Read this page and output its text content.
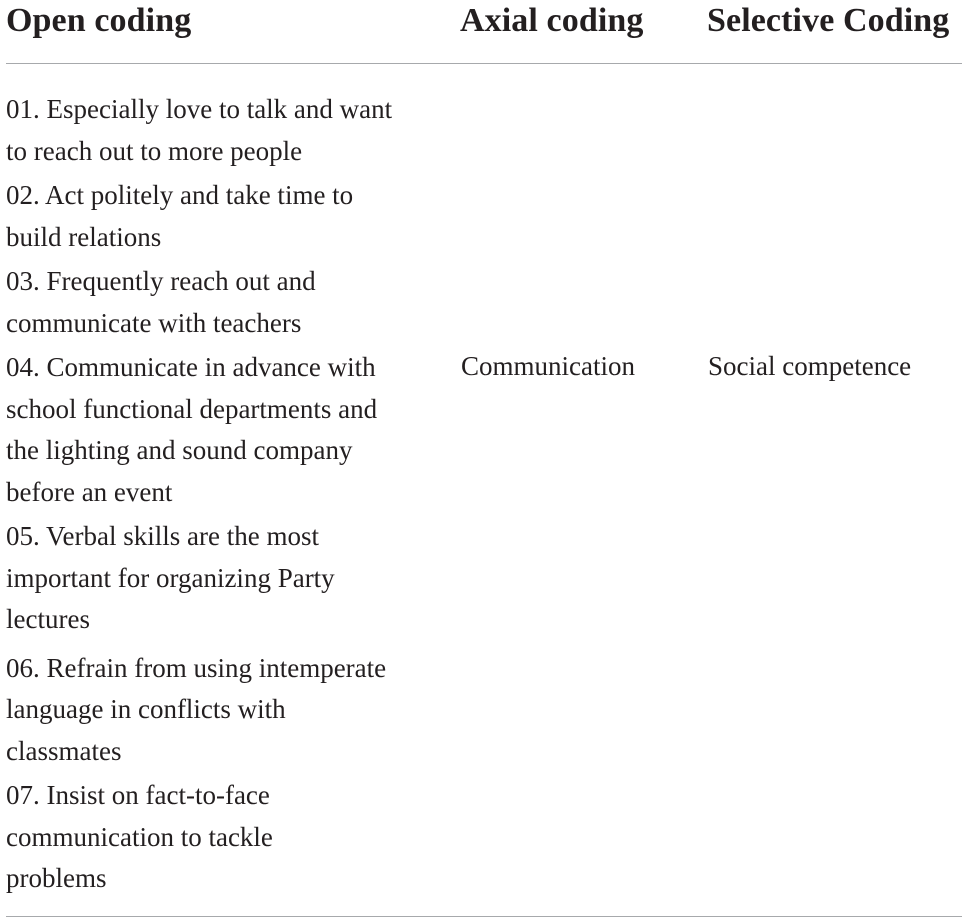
Open coding	Axial coding Selective Coding

01. Especially love to talk and want to reach out to more people

02. Act politely and take time to build relations

03. Frequently reach out and communicate with teachers

04. Communicate in advance with school functional departments and the lighting and sound company before an event

05. Verbal skills are the most important for organizing Party lectures

06. Refrain from using intemperate language in conflicts with classmates

07. Insist on fact-to-face communication to tackle problems

Communication	Social competence
